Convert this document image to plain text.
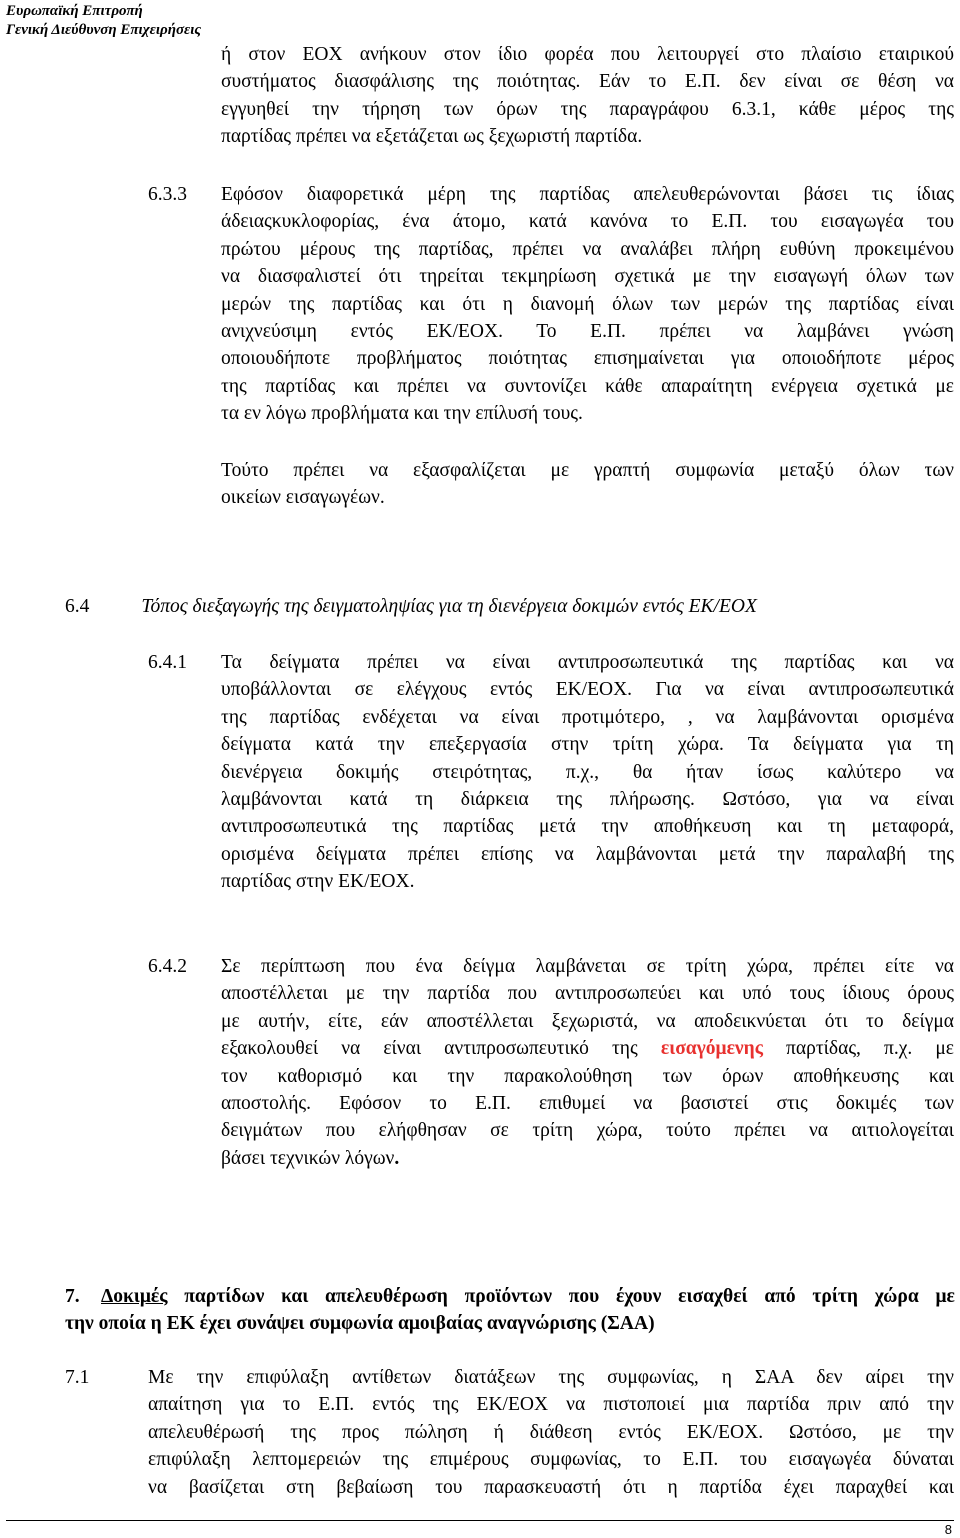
Ευρωπαϊκή Επιτροπή
Γενική Διεύθυνση Επιχειρήσεις
ή στον ΕΟΧ ανήκουν στον ίδιο φορέα που λειτουργεί στο πλαίσιο εταιρικού
συστήματος διασφάλισης της ποιότητας. Εάν το Ε.Π. δεν είναι σε θέση να
εγγυηθεί την τήρηση των όρων της παραγράφου 6.3.1, κάθε μέρος της
παρτίδας πρέπει να εξετάζεται ως ξεχωριστή παρτίδα.
6.3.3 Εφόσον διαφορετικά μέρη της παρτίδας απελευθερώνονται βάσει τις ίδιας
άδειαςκυκλοφορίας, ένα άτομο, κατά κανόνα το Ε.Π. του εισαγωγέα του
πρώτου μέρους της παρτίδας, πρέπει να αναλάβει πλήρη ευθύνη προκειμένου
να διασφαλιστεί ότι τηρείται τεκμηρίωση σχετικά με την εισαγωγή όλων των
μερών της παρτίδας και ότι η διανομή όλων των μερών της παρτίδας είναι
ανιχνεύσιμη εντός ΕΚ/ΕΟΧ. Το Ε.Π. πρέπει να λαμβάνει γνώση
οποιουδήποτε προβλήματος ποιότητας επισημαίνεται για οποιοδήποτε μέρος
της παρτίδας και πρέπει να συντονίζει κάθε απαραίτητη ενέργεια σχετικά με
τα εν λόγω προβλήματα και την επίλυσή τους.
Τούτο πρέπει να εξασφαλίζεται με γραπτή συμφωνία μεταξύ όλων των
οικείων εισαγωγέων.
6.4	Τόπος διεξαγωγής της δειγματοληψίας για τη διενέργεια δοκιμών εντός ΕΚ/ΕΟΧ
6.4.1 Τα δείγματα πρέπει να είναι αντιπροσωπευτικά της παρτίδας και να
υποβάλλονται σε ελέγχους εντός ΕΚ/ΕΟΧ. Για να είναι αντιπροσωπευτικά
της παρτίδας ενδέχεται να είναι προτιμότερο, , να λαμβάνονται ορισμένα
δείγματα κατά την επεξεργασία στην τρίτη χώρα. Τα δείγματα για τη
διενέργεια δοκιμής στειρότητας, π.χ., θα ήταν ίσως καλύτερο να
λαμβάνονται κατά τη διάρκεια της πλήρωσης. Ωστόσο, για να είναι
αντιπροσωπευτικά της παρτίδας μετά την αποθήκευση και τη μεταφορά,
ορισμένα δείγματα πρέπει επίσης να λαμβάνονται μετά την παραλαβή της
παρτίδας στην ΕΚ/ΕΟΧ.
6.4.2 Σε περίπτωση που ένα δείγμα λαμβάνεται σε τρίτη χώρα, πρέπει είτε να
αποστέλλεται με την παρτίδα που αντιπροσωπεύει και υπό τους ίδιους όρους
με αυτήν, είτε, εάν αποστέλλεται ξεχωριστά, να αποδεικνύεται ότι το δείγμα
εξακολουθεί να είναι αντιπροσωπευτικό της εισαγόμενης παρτίδας, π.χ. με
τον καθορισμό και την παρακολούθηση των όρων αποθήκευσης και
αποστολής. Εφόσον το Ε.Π. επιθυμεί να βασιστεί στις δοκιμές των
δειγμάτων που ελήφθησαν σε τρίτη χώρα, τούτο πρέπει να αιτιολογείται
βάσει τεχνικών λόγων.
7. Δοκιμές παρτίδων και απελευθέρωση προϊόντων που έχουν εισαχθεί από τρίτη χώρα με
την οποία η ΕΚ έχει συνάψει συμφωνία αμοιβαίας αναγνώρισης (ΣΑΑ)
7.1	Με την επιφύλαξη αντίθετων διατάξεων της συμφωνίας, η ΣΑΑ δεν αίρει την
απαίτηση για το Ε.Π. εντός της ΕΚ/ΕΟΧ να πιστοποιεί μια παρτίδα πριν από την
απελευθέρωσή της προς πώληση ή διάθεση εντός ΕΚ/ΕΟΧ. Ωστόσο, με την
επιφύλαξη λεπτομερειών της επιμέρους συμφωνίας, το Ε.Π. του εισαγωγέα δύναται
να βασίζεται στη βεβαίωση του παρασκευαστή ότι η παρτίδα έχει παραχθεί και
8
